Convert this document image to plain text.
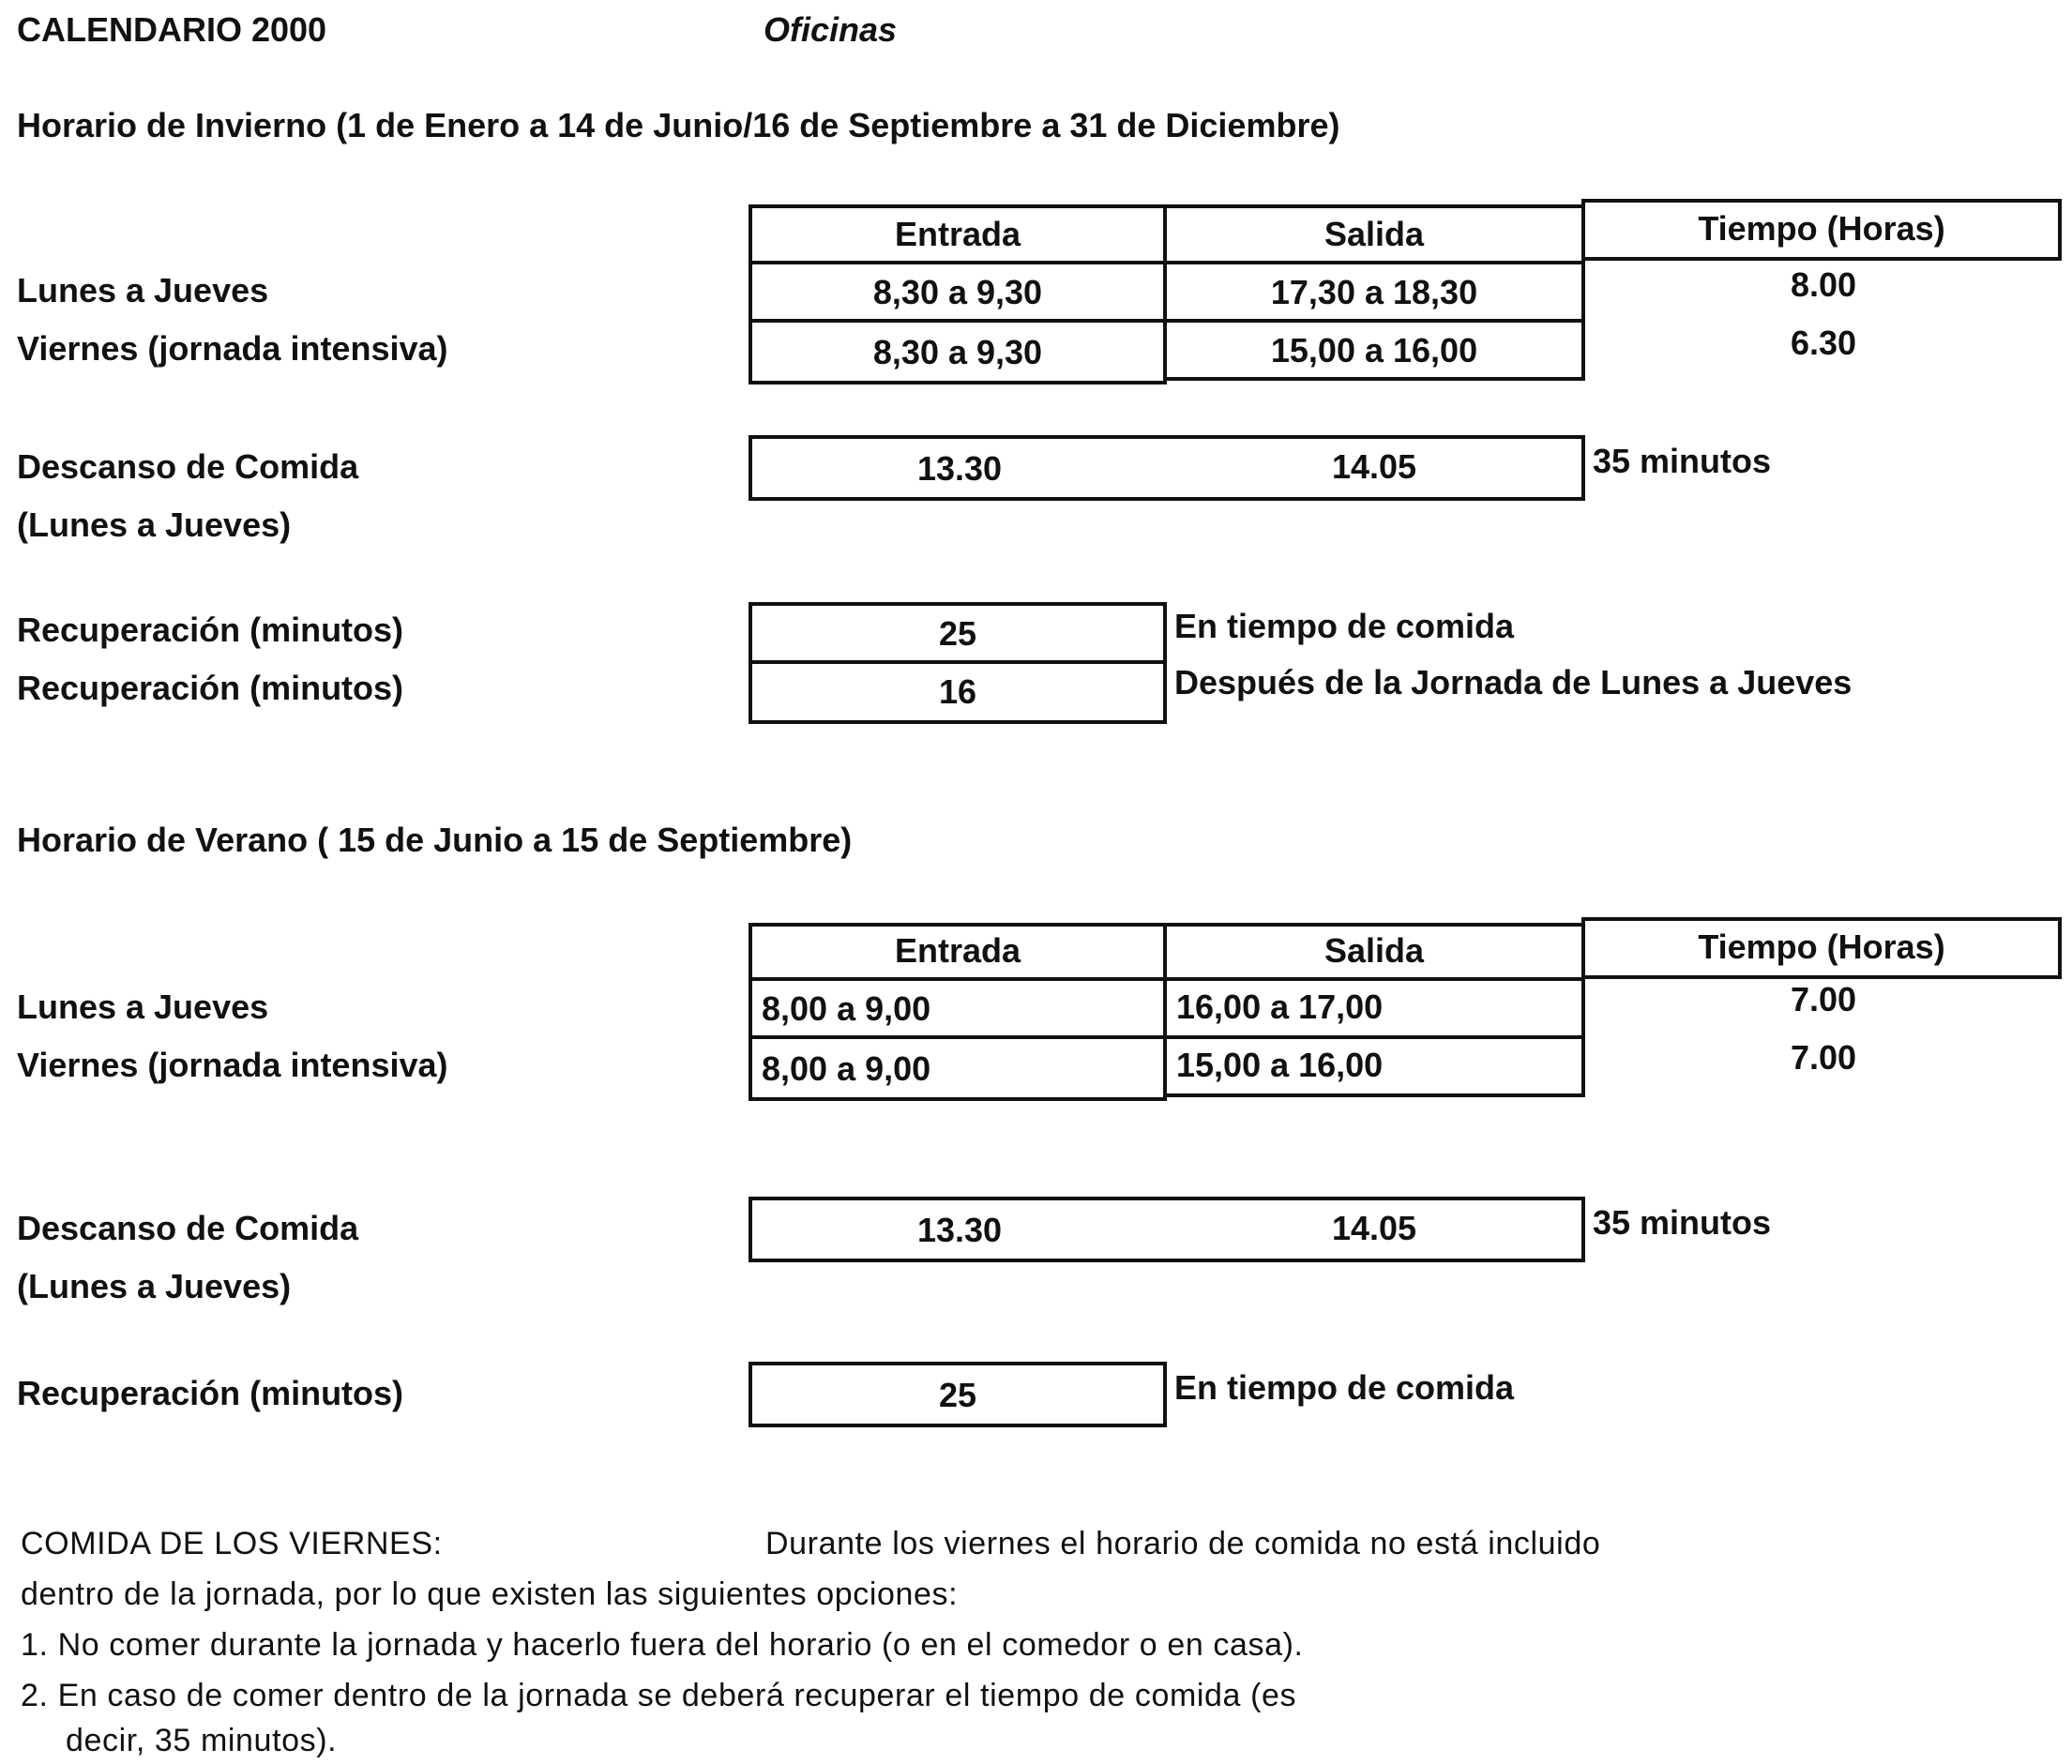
CALENDARIO 2000	Oficinas
Horario de Invierno (1 de Enero a 14 de Junio/16 de Septiembre a 31 de Diciembre)
Entrada	Salida	Tiempo (Horas)
Lunes a Jueves	8,30 a 9,30	17,30 a 18,30	8.00
Viernes (jornada intensiva)	8,30 a 9,30	15,00 a 16,00	6.30
Descanso de Comida
(Lunes a Jueves)
13.30	14.05	35 minutos
Recuperación (minutos)	25	En tiempo de comida
Recuperación (minutos)	16	Después de la Jornada de Lunes a Jueves
Horario de Verano ( 15 de Junio a 15 de Septiembre)
Entrada	Salida	Tiempo (Horas)
Lunes a Jueves	8,00 a 9,00	16,00 a 17,00	7.00
Viernes (jornada intensiva)	8,00 a 9,00	15,00 a 16,00	7.00
Descanso de Comida
(Lunes a Jueves)
13.30	14.05	35 minutos
Recuperación (minutos)	25	En tiempo de comida
COMIDA DE LOS VIERNES:	Durante los viernes el horario de comida no está incluido
dentro de la jornada, por lo que existen las siguientes opciones:
1. No comer durante la jornada y hacerlo fuera del horario (o en el comedor o en casa).
2. En caso de comer dentro de la jornada se deberá recuperar el tiempo de comida (es
decir, 35 minutos).
